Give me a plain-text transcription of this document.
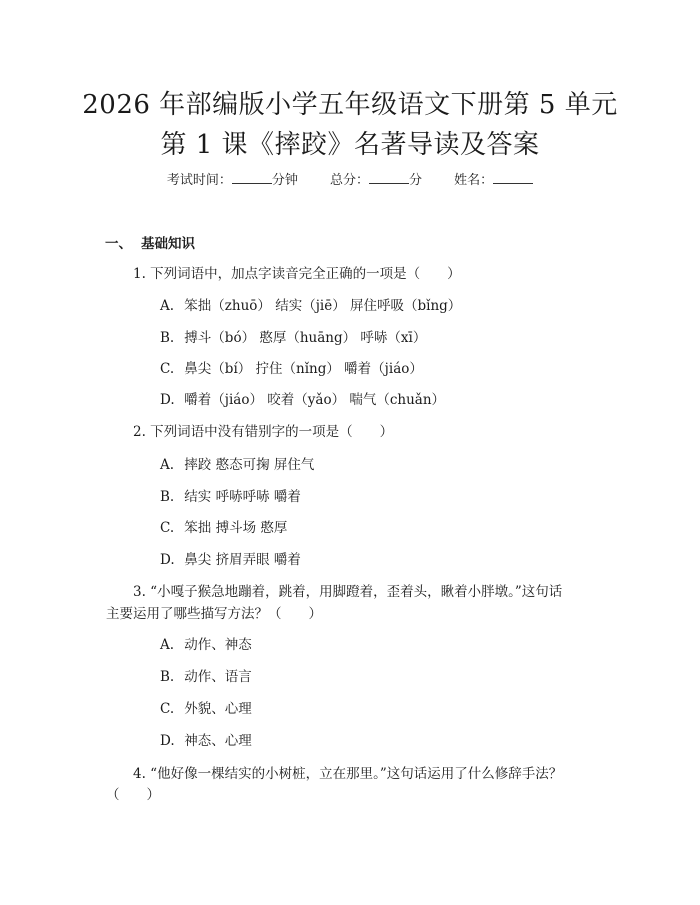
2026 年部编版小学五年级语文下册第 5 单元
第 1 课《摔跤》名著导读及答案
考试时间：	分钟 总分：	分 姓名：
一、 基础知识
1. 下列词语中，加点字读音完全正确的一项是（　　）
A. 笨拙（zhuō） 结实（jiē） 屏住呼吸（bǐng）
B. 搏斗（bó） 憨厚（huāng） 呼哧（xī）
C. 鼻尖（bí） 拧住（nǐng） 嚼着（jiáo）
D. 嚼着（jiáo） 咬着（yǎo） 喘气（chuǎn）
2. 下列词语中没有错别字的一项是（　　）
A. 摔跤 憨态可掬 屏住气
B. 结实 呼哧呼哧 嚼着
C. 笨拙 搏斗场 憨厚
D. 鼻尖 挤眉弄眼 嚼着
3. “小嘎子猴急地蹦着，跳着，用脚蹬着，歪着头，瞅着小胖墩。”这句话
主要运用了哪些描写方法？（　　）
A. 动作、神态
B. 动作、语言
C. 外貌、心理
D. 神态、心理
4. “他好像一棵结实的小树桩，立在那里。”这句话运用了什么修辞手法？
（　　）
